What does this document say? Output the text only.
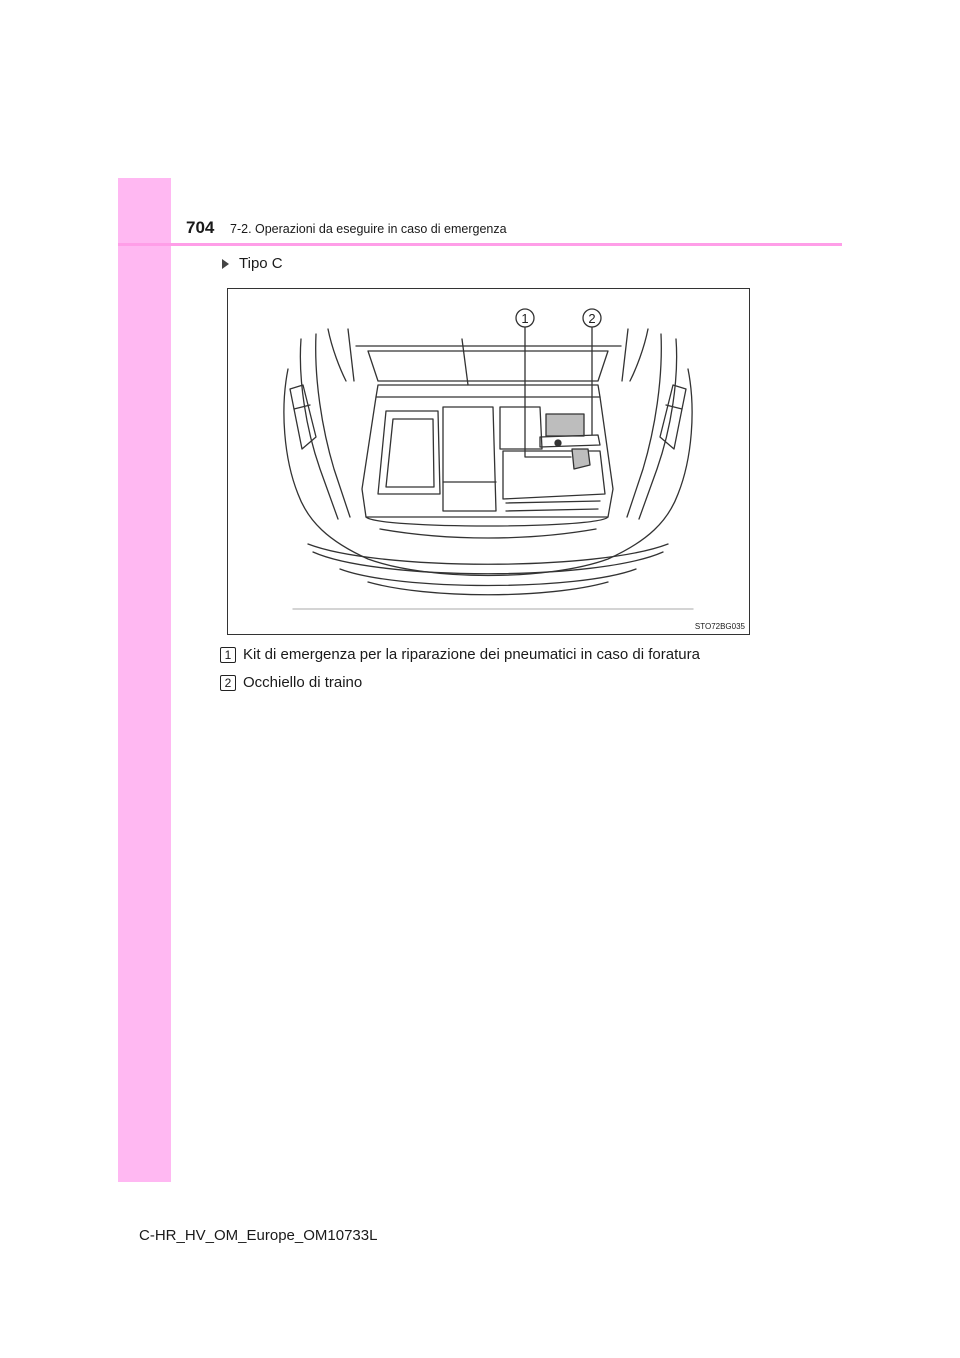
704 7-2. Operazioni da eseguire in caso di emergenza
Tipo C
1	2
STO72BG035
1 Kit di emergenza per la riparazione dei pneumatici in caso di foratura
2 Occhiello di traino
C-HR_HV_OM_Europe_OM10733L
